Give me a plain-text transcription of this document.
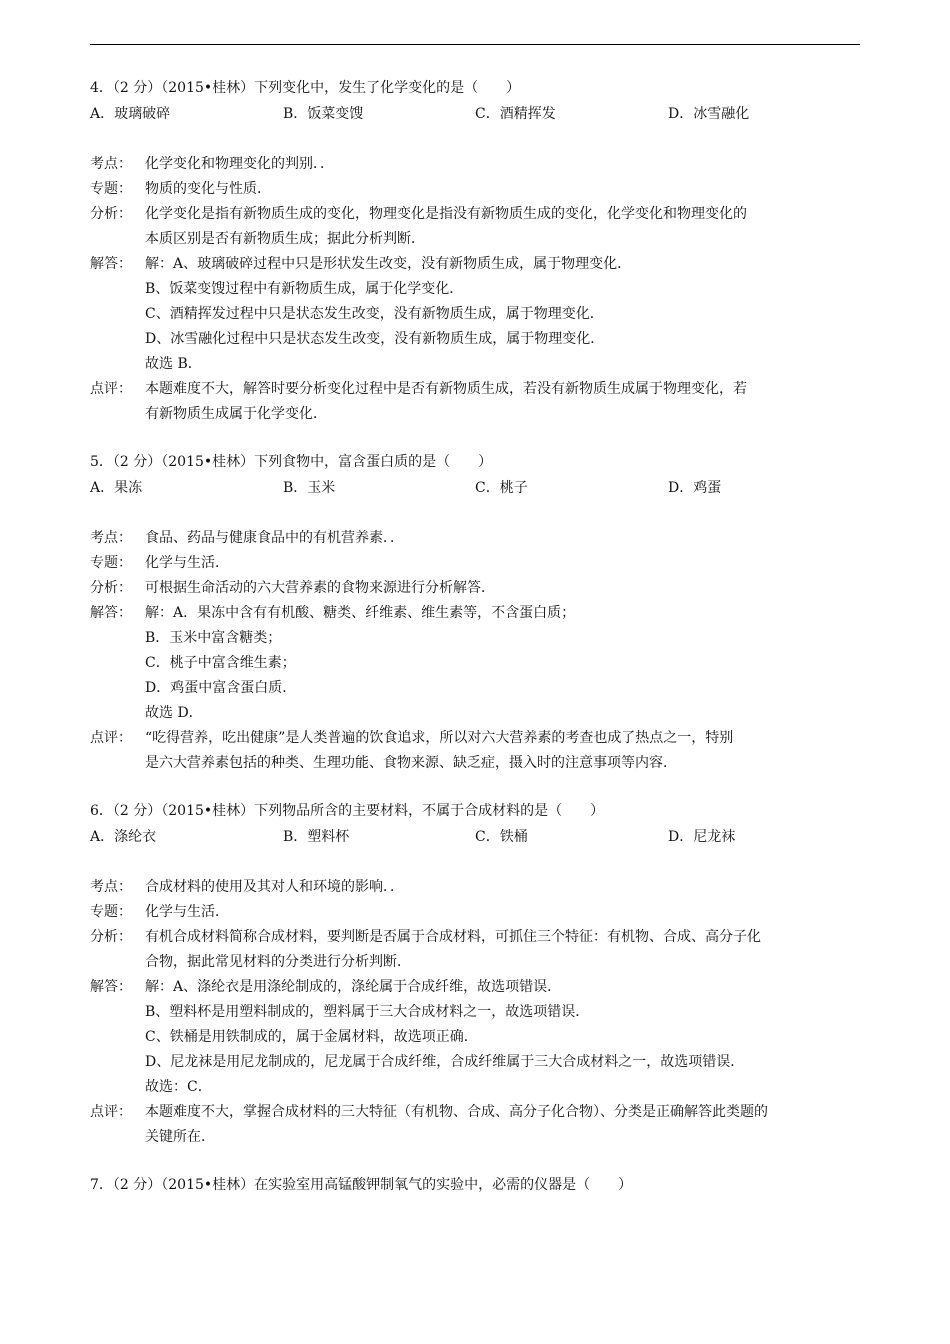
4．（2 分）（2015•桂林）下列变化中，发生了化学变化的是（　　）
A．玻璃破碎	B．饭菜变馊	C．酒精挥发	D．冰雪融化
考点： 化学变化和物理变化的判别．．
专题： 物质的变化与性质．
分析： 化学变化是指有新物质生成的变化，物理变化是指没有新物质生成的变化，化学变化和物理变化的
本质区别是否有新物质生成；据此分析判断．
解答： 解：A、玻璃破碎过程中只是形状发生改变，没有新物质生成，属于物理变化．
B、饭菜变馊过程中有新物质生成，属于化学变化．
C、酒精挥发过程中只是状态发生改变，没有新物质生成，属于物理变化．
D、冰雪融化过程中只是状态发生改变，没有新物质生成，属于物理变化．
故选 B．
点评： 本题难度不大，解答时要分析变化过程中是否有新物质生成，若没有新物质生成属于物理变化，若
有新物质生成属于化学变化．
5．（2 分）（2015•桂林）下列食物中，富含蛋白质的是（　　）
A．果冻	B．玉米	C．桃子	D．鸡蛋
考点： 食品、药品与健康食品中的有机营养素．．
专题： 化学与生活．
分析： 可根据生命活动的六大营养素的食物来源进行分析解答．
解答： 解：A．果冻中含有有机酸、糖类、纤维素、维生素等，不含蛋白质；
B．玉米中富含糖类；
C．桃子中富含维生素；
D．鸡蛋中富含蛋白质．
故选 D．
点评： “吃得营养，吃出健康”是人类普遍的饮食追求，所以对六大营养素的考查也成了热点之一，特别
是六大营养素包括的种类、生理功能、食物来源、缺乏症，摄入时的注意事项等内容．
6．（2 分）（2015•桂林）下列物品所含的主要材料，不属于合成材料的是（　　）
A．涤纶衣	B．塑料杯	C．铁桶	D．尼龙袜
考点： 合成材料的使用及其对人和环境的影响．．
专题： 化学与生活．
分析： 有机合成材料简称合成材料，要判断是否属于合成材料，可抓住三个特征：有机物、合成、高分子化
合物，据此常见材料的分类进行分析判断．
解答： 解：A、涤纶衣是用涤纶制成的，涤纶属于合成纤维，故选项错误．
B、塑料杯是用塑料制成的，塑料属于三大合成材料之一，故选项错误．
C、铁桶是用铁制成的，属于金属材料，故选项正确．
D、尼龙袜是用尼龙制成的，尼龙属于合成纤维，合成纤维属于三大合成材料之一，故选项错误．
故选：C．
点评： 本题难度不大，掌握合成材料的三大特征（有机物、合成、高分子化合物）、分类是正确解答此类题的
关键所在．
7．（2 分）（2015•桂林）在实验室用高锰酸钾制氧气的实验中，必需的仪器是（　　）
